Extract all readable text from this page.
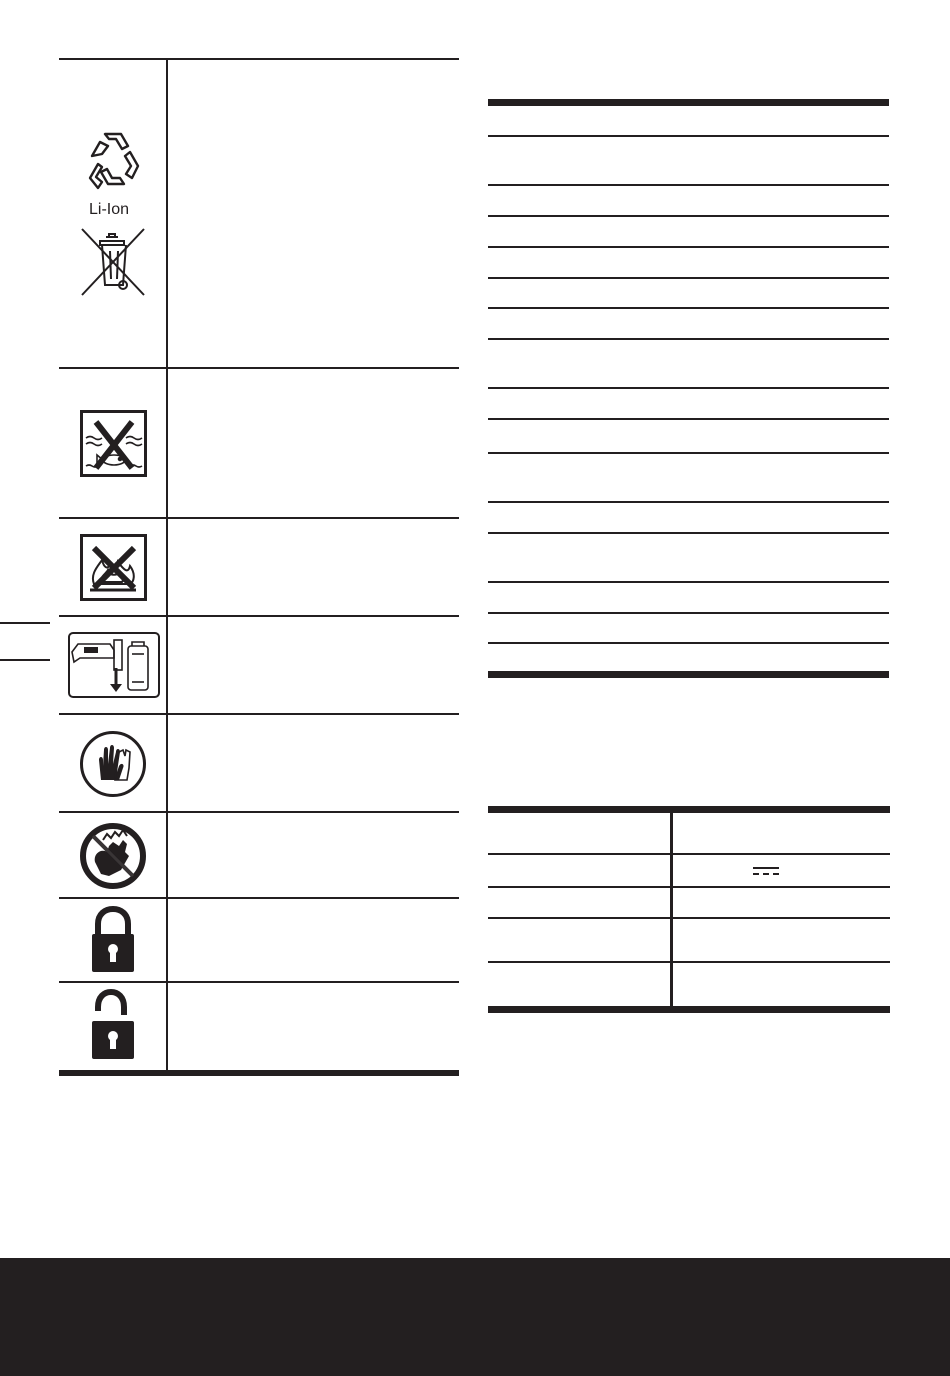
Li-Ion
